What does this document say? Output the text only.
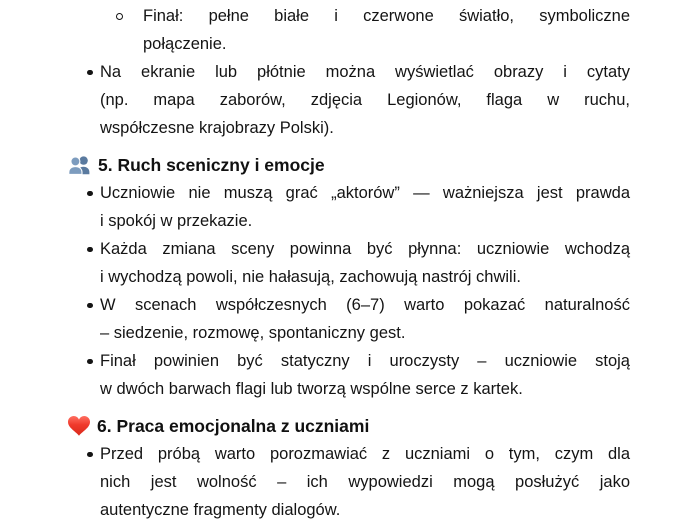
Finał: pełne białe i czerwone światło, symboliczne
połączenie.
Na ekranie lub płótnie można wyświetlać obrazy i cytaty
(np. mapa zaborów, zdjęcia Legionów, flaga w ruchu,
współczesne krajobrazy Polski).
5. Ruch sceniczny i emocje
Uczniowie nie muszą grać „aktorów” — ważniejsza jest prawda
i spokój w przekazie.
Każda zmiana sceny powinna być płynna: uczniowie wchodzą
i wychodzą powoli, nie hałasują, zachowują nastrój chwili.
W scenach współczesnych (6–7) warto pokazać naturalność
– siedzenie, rozmowę, spontaniczny gest.
Finał powinien być statyczny i uroczysty – uczniowie stoją
w dwóch barwach flagi lub tworzą wspólne serce z kartek.
6. Praca emocjonalna z uczniami
Przed próbą warto porozmawiać z uczniami o tym, czym dla
nich jest wolność – ich wypowiedzi mogą posłużyć jako
autentyczne fragmenty dialogów.
